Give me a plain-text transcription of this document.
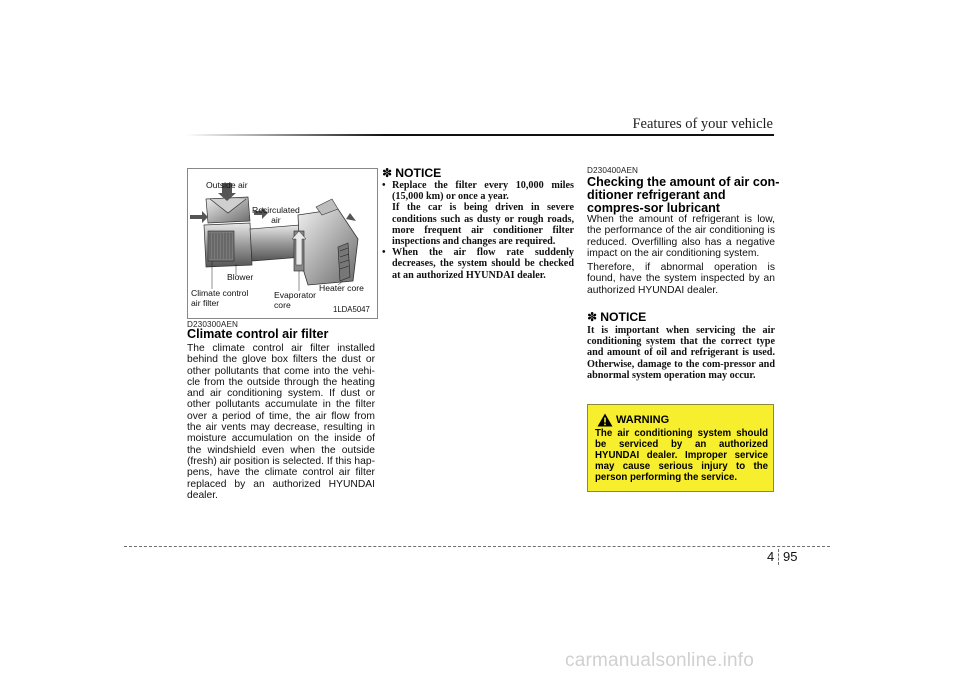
Features of your vehicle
Outside air
Recirculated
air
Blower
Climate control
air filter
Evaporator
core
Heater core
1LDA5047
D230300AEN
Climate control air filter
The climate control air filter installed behind the glove box filters the dust or other pollutants that come into the vehi-cle from the outside through the heating and air conditioning system. If dust or other pollutants accumulate in the filter over a period of time, the air flow from the air vents may decrease, resulting in moisture accumulation on the inside of the windshield even when the outside (fresh) air position is selected. If this hap-pens, have the climate control air filter replaced by an authorized HYUNDAI dealer.
✽ NOTICE
• Replace the filter every 10,000 miles (15,000 km) or once a year.
If the car is being driven in severe conditions such as dusty or rough roads, more frequent air conditioner filter inspections and changes are required.
• When the air flow rate suddenly decreases, the system should be checked at an authorized HYUNDAI dealer.
D230400AEN
Checking the amount of air con-ditioner refrigerant and compres-sor lubricant
When the amount of refrigerant is low, the performance of the air conditioning is reduced. Overfilling also has a negative impact on the air conditioning system.
Therefore, if abnormal operation is found, have the system inspected by an authorized HYUNDAI dealer.
✽ NOTICE
It is important when servicing the air conditioning system that the correct type and amount of oil and refrigerant is used. Otherwise, damage to the com-pressor and abnormal system operation may occur.
WARNING
The air conditioning system should be serviced by an authorized HYUNDAI dealer. Improper service may cause serious injury to the person performing the service.
4 95
carmanualsonline.info
